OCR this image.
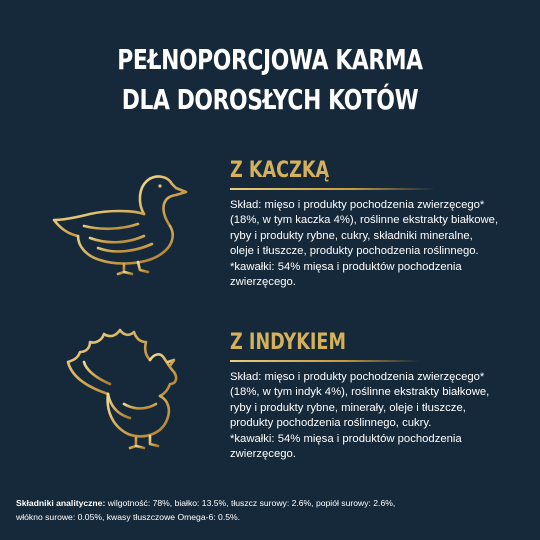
PEŁNOPORCJOWA KARMA
DLA DOROSŁYCH KOTÓW
Z KACZKĄ
Skład: mięso i produkty pochodzenia zwierzęcego*
(18%, w tym kaczka 4%), roślinne ekstrakty białkowe,
ryby i produkty rybne, cukry, składniki mineralne,
oleje i tłuszcze, produkty pochodzenia roślinnego.
*kawałki: 54% mięsa i produktów pochodzenia
zwierzęcego.
Z INDYKIEM
Skład: mięso i produkty pochodzenia zwierzęcego*
(18%, w tym indyk 4%), roślinne ekstrakty białkowe,
ryby i produkty rybne, minerały, oleje i tłuszcze,
produkty pochodzenia roślinnego, cukry.
*kawałki: 54% mięsa i produktów pochodzenia
zwierzęcego.
Składniki analityczne: wilgotność: 78%, białko: 13.5%, tłuszcz surowy: 2.6%, popiół surowy: 2.6%,
włókno surowe: 0.05%, kwasy tłuszczowe Omega-6: 0.5%.
